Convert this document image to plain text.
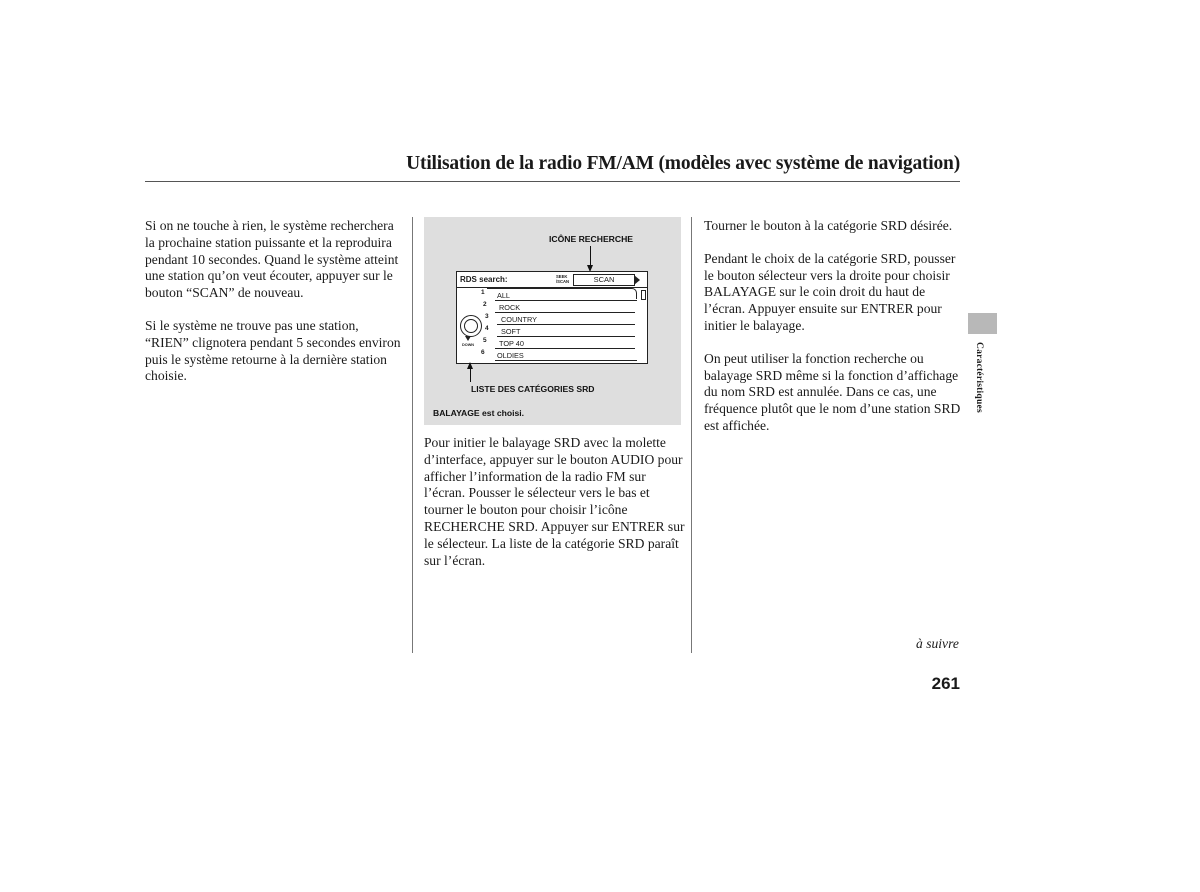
Utilisation de la radio FM/AM (modèles avec système de navigation)

Si on ne touche à rien, le système recherchera la prochaine station puissante et la reproduira pendant 10 secondes. Quand le système atteint une station qu’on veut écouter, appuyer sur le bouton “SCAN” de nouveau.

Si le système ne trouve pas une station, “RIEN” clignotera pendant 5 secondes environ puis le système retourne à la dernière station choisie.

ICÔNE RECHERCHE
RDS search:	SEEK
/SCAN	SCAN
DOWN
1 ALL
2 ROCK
3 COUNTRY
4 SOFT
5 TOP 40
6 OLDIES
LISTE DES CATÉGORIES SRD
BALAYAGE est choisi.

Pour initier le balayage SRD avec la molette d’interface, appuyer sur le bouton AUDIO pour afficher l’information de la radio FM sur l’écran. Pousser le sélecteur vers le bas et tourner le bouton pour choisir l’icône RECHERCHE SRD. Appuyer sur ENTRER sur le sélecteur. La liste de la catégorie SRD paraît sur l’écran.

Tourner le bouton à la catégorie SRD désirée.

Pendant le choix de la catégorie SRD, pousser le bouton sélecteur vers la droite pour choisir BALAYAGE sur le coin droit du haut de l’écran. Appuyer ensuite sur ENTRER pour initier le balayage.

On peut utiliser la fonction recherche ou balayage SRD même si la fonction d’affichage du nom SRD est annulée. Dans ce cas, une fréquence plutôt que le nom d’une station SRD est affichée.

Caractéristiques
à suivre
261
